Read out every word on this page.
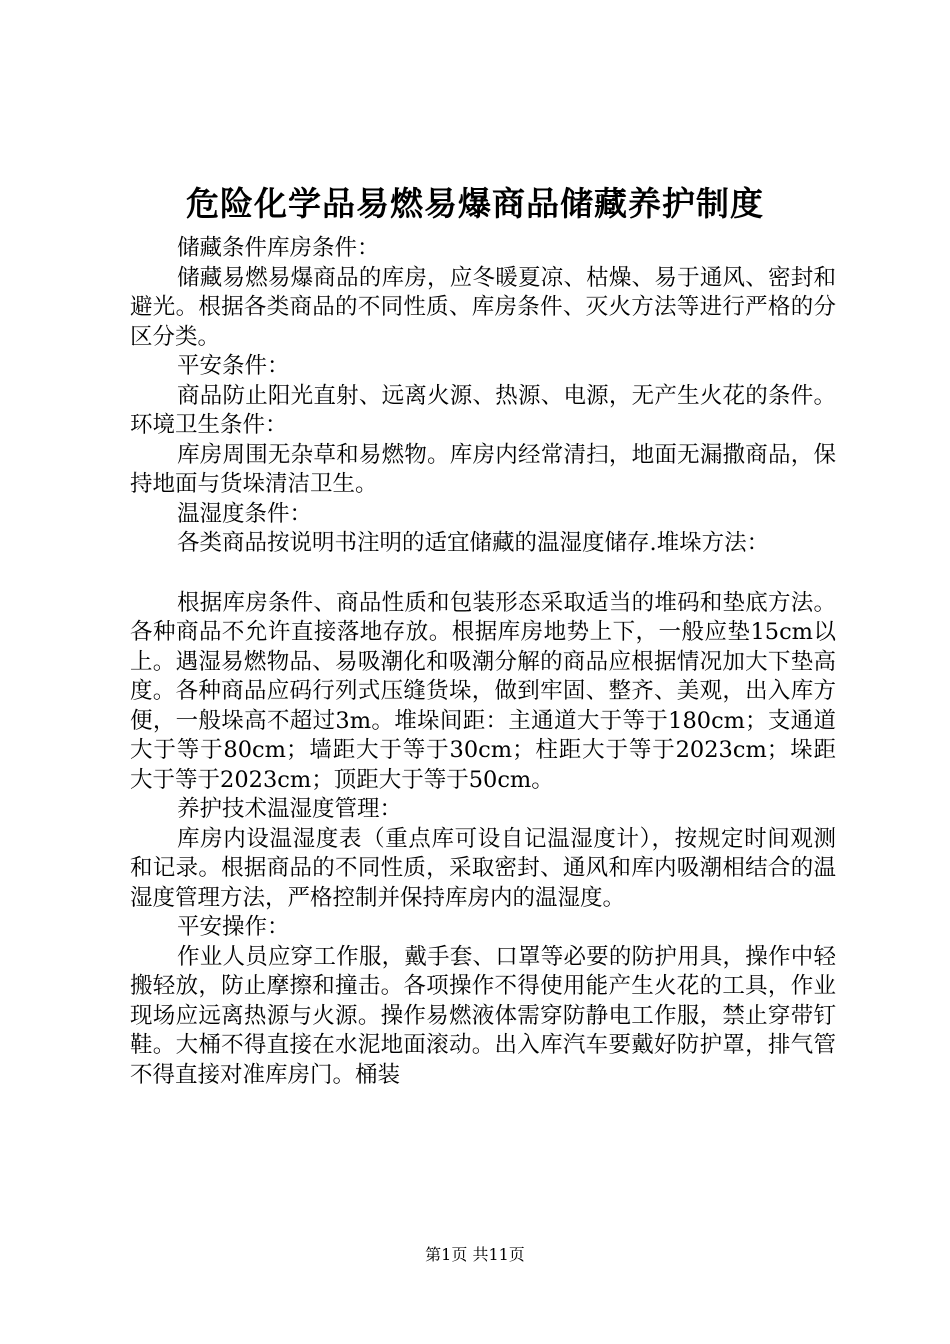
危险化学品易燃易爆商品储藏养护制度

储藏条件库房条件：

储藏易燃易爆商品的库房，应冬暖夏凉、枯燥、易于通风、密封和避光。根据各类商品的不同性质、库房条件、灭火方法等进行严格的分区分类。

平安条件：

商品防止阳光直射、远离火源、热源、电源，无产生火花的条件。环境卫生条件：

库房周围无杂草和易燃物。库房内经常清扫，地面无漏撒商品，保持地面与货垛清洁卫生。

温湿度条件：

各类商品按说明书注明的适宜储藏的温湿度储存.堆垛方法：

根据库房条件、商品性质和包装形态采取适当的堆码和垫底方法。各种商品不允许直接落地存放。根据库房地势上下，一般应垫15cm以上。遇湿易燃物品、易吸潮化和吸潮分解的商品应根据情况加大下垫高度。各种商品应码行列式压缝货垛，做到牢固、整齐、美观，出入库方便，一般垛高不超过3m。堆垛间距：主通道大于等于180cm；支通道大于等于80cm；墙距大于等于30cm；柱距大于等于2023cm；垛距大于等于2023cm；顶距大于等于50cm。

养护技术温湿度管理：

库房内设温湿度表（重点库可设自记温湿度计），按规定时间观测和记录。根据商品的不同性质，采取密封、通风和库内吸潮相结合的温湿度管理方法，严格控制并保持库房内的温湿度。

平安操作：

作业人员应穿工作服，戴手套、口罩等必要的防护用具，操作中轻搬轻放，防止摩擦和撞击。各项操作不得使用能产生火花的工具，作业现场应远离热源与火源。操作易燃液体需穿防静电工作服，禁止穿带钉鞋。大桶不得直接在水泥地面滚动。出入库汽车要戴好防护罩，排气管不得直接对准库房门。桶装

第1页 共11页
